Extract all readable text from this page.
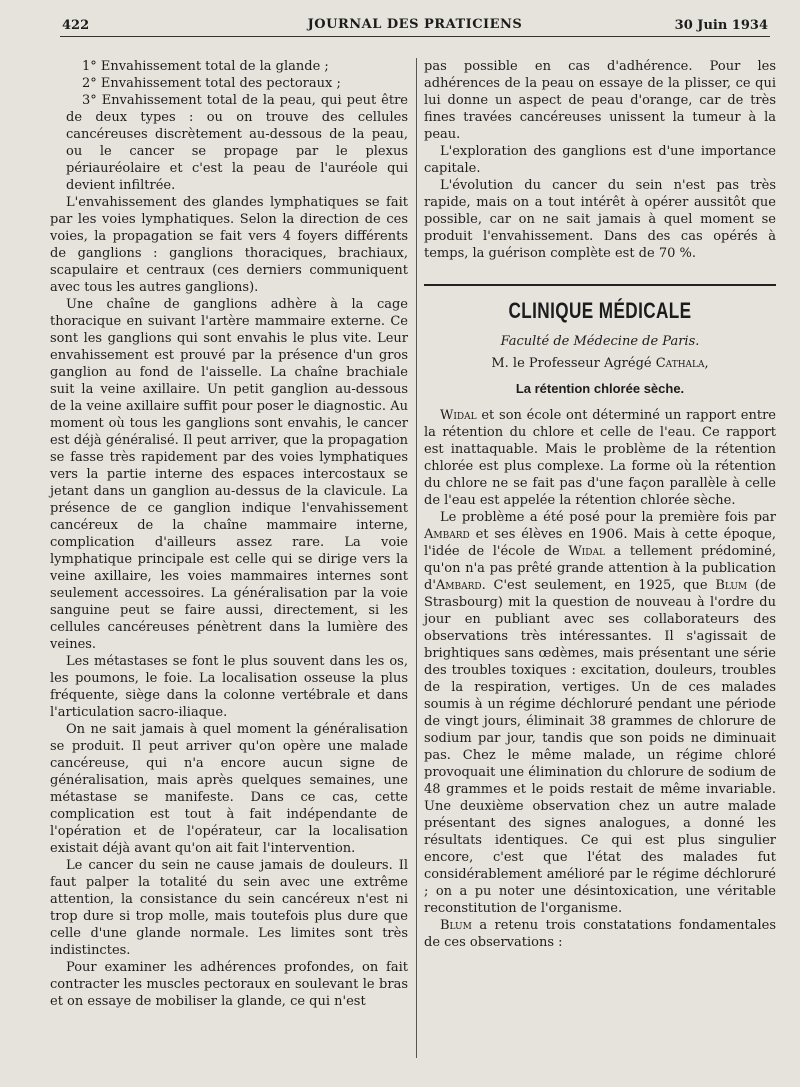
422	JOURNAL DES PRATICIENS	30 Juin 1934

1° Envahissement total de la glande ;

2° Envahissement total des pectoraux ;

3° Envahissement total de la peau, qui peut être de deux types : ou on trouve des cellules cancéreuses discrètement au-dessous de la peau, ou le cancer se propage par le plexus périauréolaire et c'est la peau de l'auréole qui devient infiltrée.

L'envahissement des glandes lymphatiques se fait par les voies lymphatiques. Selon la direction de ces voies, la propagation se fait vers 4 foyers différents de ganglions : ganglions thoraciques, brachiaux, scapulaire et centraux (ces derniers communiquent avec tous les autres ganglions).

Une chaîne de ganglions adhère à la cage thoracique en suivant l'artère mammaire externe. Ce sont les ganglions qui sont envahis le plus vite. Leur envahissement est prouvé par la présence d'un gros ganglion au fond de l'aisselle. La chaîne brachiale suit la veine axillaire. Un petit ganglion au-dessous de la veine axillaire suffit pour poser le diagnostic. Au moment où tous les ganglions sont envahis, le cancer est déjà généralisé. Il peut arriver, que la propagation se fasse très rapidement par des voies lymphatiques vers la partie interne des espaces intercostaux se jetant dans un ganglion au-dessus de la clavicule. La présence de ce ganglion indique l'envahissement cancéreux de la chaîne mammaire interne, complication d'ailleurs assez rare. La voie lymphatique principale est celle qui se dirige vers la veine axillaire, les voies mammaires internes sont seulement accessoires. La généralisation par la voie sanguine peut se faire aussi, directement, si les cellules cancéreuses pénètrent dans la lumière des veines.

Les métastases se font le plus souvent dans les os, les poumons, le foie. La localisation osseuse la plus fréquente, siège dans la colonne vertébrale et dans l'articulation sacro-iliaque.

On ne sait jamais à quel moment la généralisation se produit. Il peut arriver qu'on opère une malade cancéreuse, qui n'a encore aucun signe de généralisation, mais après quelques semaines, une métastase se manifeste. Dans ce cas, cette complication est tout à fait indépendante de l'opération et de l'opérateur, car la localisation existait déjà avant qu'on ait fait l'intervention.

Le cancer du sein ne cause jamais de douleurs. Il faut palper la totalité du sein avec une extrême attention, la consistance du sein cancéreux n'est ni trop dure si trop molle, mais toutefois plus dure que celle d'une glande normale. Les limites sont très indistinctes.

Pour examiner les adhérences profondes, on fait contracter les muscles pectoraux en soulevant le bras et on essaye de mobiliser la glande, ce qui n'est

pas possible en cas d'adhérence. Pour les adhérences de la peau on essaye de la plisser, ce qui lui donne un aspect de peau d'orange, car de très fines travées cancéreuses unissent la tumeur à la peau.

L'exploration des ganglions est d'une importance capitale.

L'évolution du cancer du sein n'est pas très rapide, mais on a tout intérêt à opérer aussitôt que possible, car on ne sait jamais à quel moment se produit l'envahissement. Dans des cas opérés à temps, la guérison complète est de 70 %.

CLINIQUE MÉDICALE
Faculté de Médecine de Paris.
M. le Professeur Agrégé Cathala,
La rétention chlorée sèche.

Widal et son école ont déterminé un rapport entre la rétention du chlore et celle de l'eau. Ce rapport est inattaquable. Mais le problème de la rétention chlorée est plus complexe. La forme où la rétention du chlore ne se fait pas d'une façon parallèle à celle de l'eau est appelée la rétention chlorée sèche.

Le problème a été posé pour la première fois par Ambard et ses élèves en 1906. Mais à cette époque, l'idée de l'école de Widal a tellement prédominé, qu'on n'a pas prêté grande attention à la publication d'Ambard. C'est seulement, en 1925, que Blum (de Strasbourg) mit la question de nouveau à l'ordre du jour en publiant avec ses collaborateurs des observations très intéressantes. Il s'agissait de brightiques sans œdèmes, mais présentant une série des troubles toxiques : excitation, douleurs, troubles de la respiration, vertiges. Un de ces malades soumis à un régime déchloruré pendant une période de vingt jours, éliminait 38 grammes de chlorure de sodium par jour, tandis que son poids ne diminuait pas. Chez le même malade, un régime chloré provoquait une élimination du chlorure de sodium de 48 grammes et le poids restait de même invariable. Une deuxième observation chez un autre malade présentant des signes analogues, a donné les résultats identiques. Ce qui est plus singulier encore, c'est que l'état des malades fut considérablement amélioré par le régime déchloruré ; on a pu noter une désintoxication, une véritable reconstitution de l'organisme.

Blum a retenu trois constatations fondamentales de ces observations :
